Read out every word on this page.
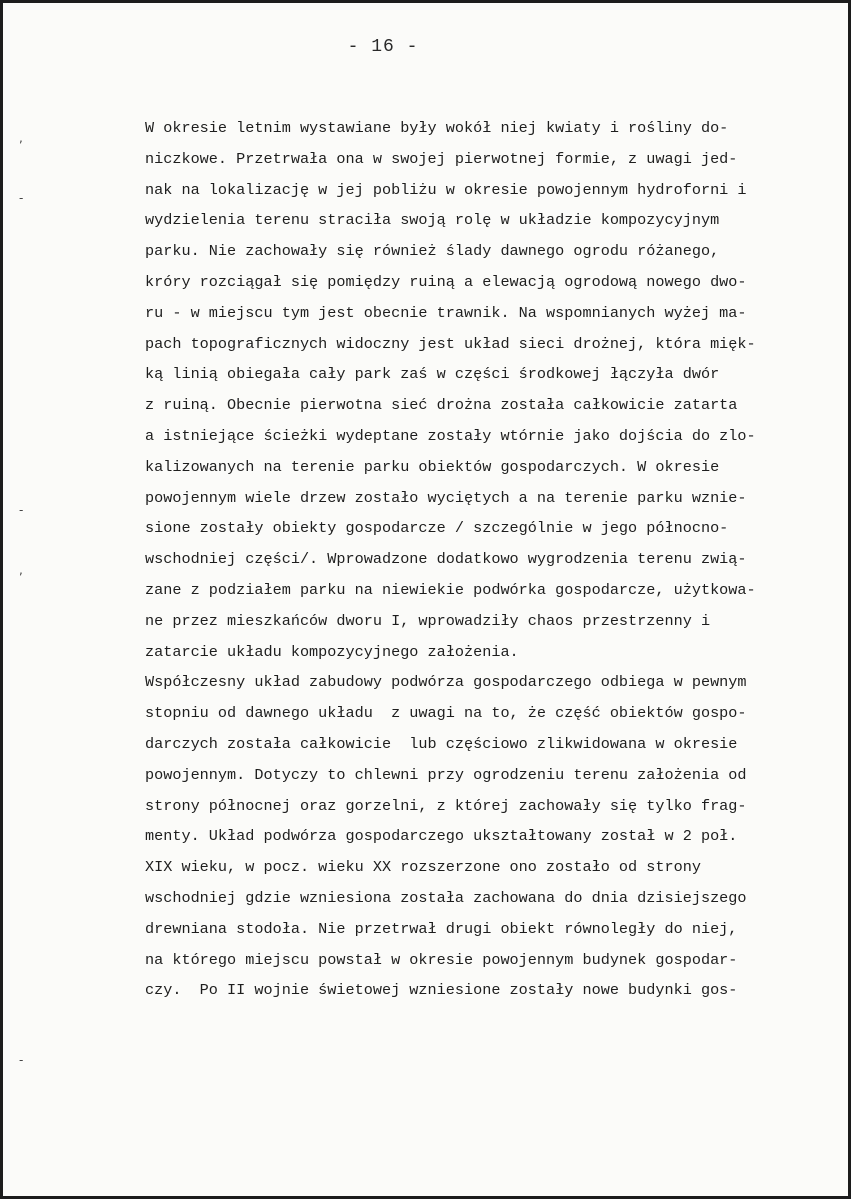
- 16 -
,
-
-
,
-
W okresie letnim wystawiane były wokół niej kwiaty i rośliny do-
niczkowe. Przetrwała ona w swojej pierwotnej formie, z uwagi jed-
nak na lokalizację w jej pobliżu w okresie powojennym hydroforni i
wydzielenia terenu straciła swoją rolę w układzie kompozycyjnym
parku. Nie zachowały się również ślady dawnego ogrodu różanego,
króry rozciągał się pomiędzy ruiną a elewacją ogrodową nowego dwo-
ru - w miejscu tym jest obecnie trawnik. Na wspomnianych wyżej ma-
pach topograficznych widoczny jest układ sieci drożnej, która mięk-
ką linią obiegała cały park zaś w części środkowej łączyła dwór
z ruiną. Obecnie pierwotna sieć drożna została całkowicie zatarta
a istniejące ścieżki wydeptane zostały wtórnie jako dojścia do zlo-
kalizowanych na terenie parku obiektów gospodarczych. W okresie
powojennym wiele drzew zostało wyciętych a na terenie parku wznie-
sione zostały obiekty gospodarcze / szczególnie w jego północno-
wschodniej części/. Wprowadzone dodatkowo wygrodzenia terenu zwią-
zane z podziałem parku na niewiekie podwórka gospodarcze, użytkowa-
ne przez mieszkańców dworu I, wprowadziły chaos przestrzenny i
zatarcie układu kompozycyjnego założenia.
Współczesny układ zabudowy podwórza gospodarczego odbiega w pewnym
stopniu od dawnego układu  z uwagi na to, że część obiektów gospo-
darczych została całkowicie  lub częściowo zlikwidowana w okresie
powojennym. Dotyczy to chlewni przy ogrodzeniu terenu założenia od
strony północnej oraz gorzelni, z której zachowały się tylko frag-
menty. Układ podwórza gospodarczego ukształtowany został w 2 poł.
XIX wieku, w pocz. wieku XX rozszerzone ono zostało od strony
wschodniej gdzie wzniesiona została zachowana do dnia dzisiejszego
drewniana stodoła. Nie przetrwał drugi obiekt równoległy do niej,
na którego miejscu powstał w okresie powojennym budynek gospodar-
czy.  Po II wojnie świetowej wzniesione zostały nowe budynki gos-
